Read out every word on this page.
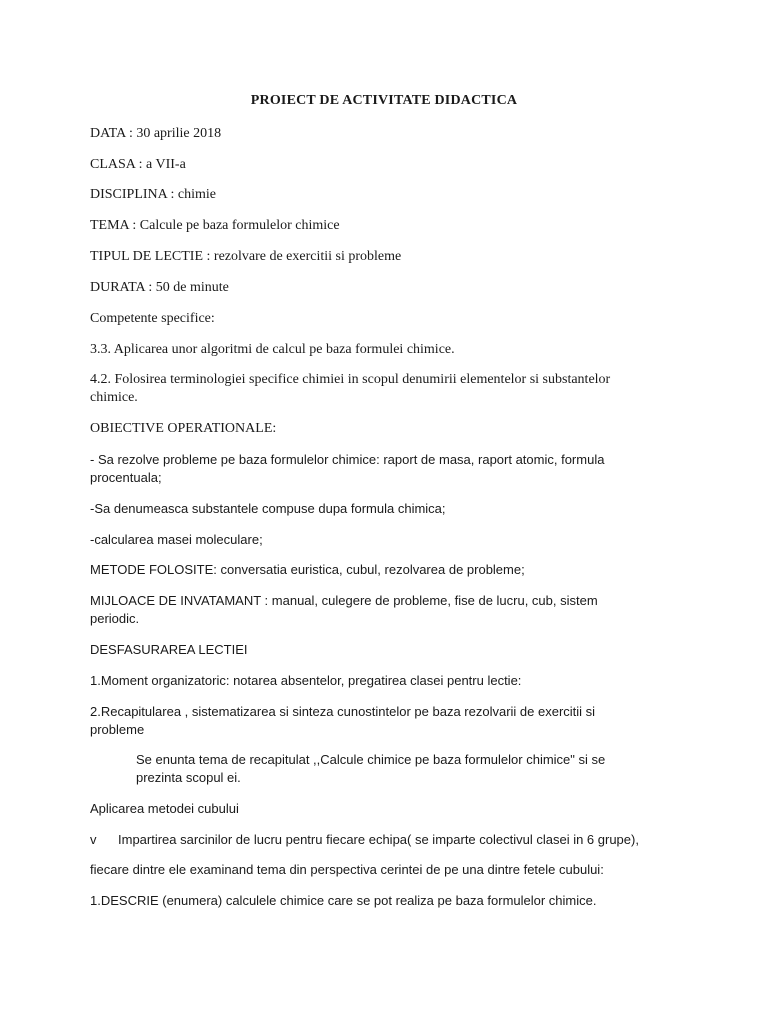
PROIECT DE ACTIVITATE DIDACTICA
DATA : 30 aprilie 2018
CLASA : a VII-a
DISCIPLINA : chimie
TEMA : Calcule pe baza formulelor chimice
TIPUL DE LECTIE : rezolvare de exercitii si probleme
DURATA : 50 de minute
Competente specifice:
3.3. Aplicarea unor algoritmi de calcul pe baza formulei chimice.
4.2. Folosirea terminologiei specifice chimiei in scopul denumirii elementelor si substantelor
chimice.
OBIECTIVE OPERATIONALE:
- Sa rezolve probleme pe baza formulelor chimice: raport de masa, raport atomic, formula
procentuala;
-Sa denumeasca substantele compuse dupa formula chimica;
-calcularea masei moleculare;
METODE FOLOSITE: conversatia euristica, cubul, rezolvarea de probleme;
MIJLOACE DE INVATAMANT : manual, culegere de probleme, fise de lucru, cub, sistem
periodic.
DESFASURAREA LECTIEI
1.Moment organizatoric: notarea absentelor, pregatirea clasei pentru lectie:
2.Recapitularea , sistematizarea si sinteza cunostintelor pe baza rezolvarii de exercitii si
probleme
Se enunta tema de recapitulat ,,Calcule chimice pe baza formulelor chimice" si se
prezinta scopul ei.
Aplicarea metodei cubului
v	Impartirea sarcinilor de lucru pentru fiecare echipa( se imparte colectivul clasei in 6 grupe),
fiecare dintre ele examinand tema din perspectiva cerintei de pe una dintre fetele cubului:
1.DESCRIE (enumera) calculele chimice care se pot realiza pe baza formulelor chimice.
